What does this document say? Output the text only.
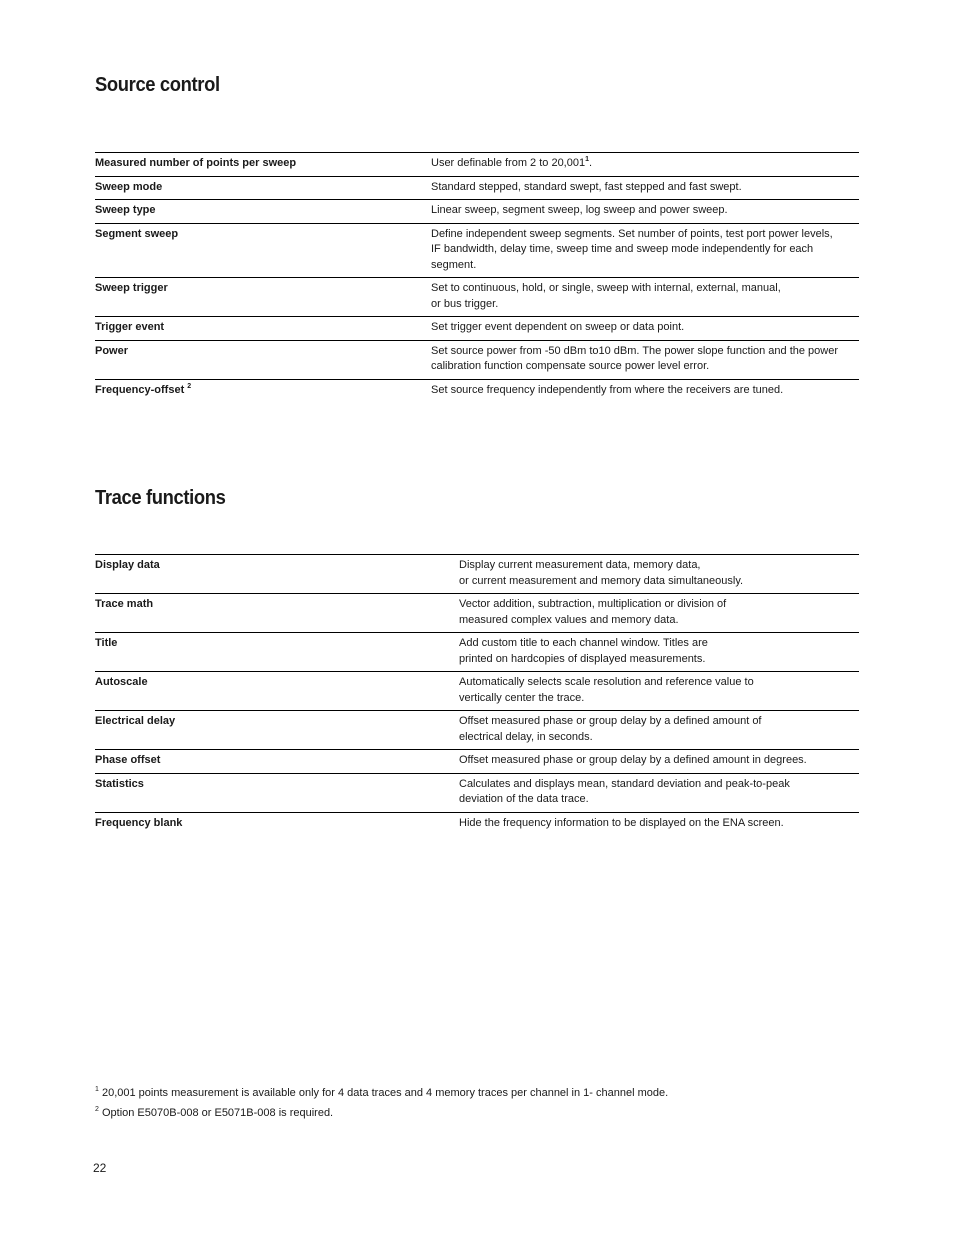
Source control
Measured number of points per sweep	User definable from 2 to 20,001$^1$.
Sweep mode	Standard stepped, standard swept, fast stepped and fast swept.
Sweep type	Linear sweep, segment sweep, log sweep and power sweep.
Segment sweep	Define independent sweep segments. Set number of points, test port power levels,
IF bandwidth, delay time, sweep time and sweep mode independently for each segment.
Sweep trigger	Set to continuous, hold, or single, sweep with internal, external, manual,
or bus trigger.
Trigger event	Set trigger event dependent on sweep or data point.
Power	Set source power from -50 dBm to10 dBm. The power slope function and the power
calibration function compensate source power level error.
Frequency-offset $^2$	Set source frequency independently from where the receivers are tuned.
Trace functions
Display data	Display current measurement data, memory data,
or current measurement and memory data simultaneously.
Trace math	Vector addition, subtraction, multiplication or division of
measured complex values and memory data.
Title	Add custom title to each channel window. Titles are
printed on hardcopies of displayed measurements.
Autoscale	Automatically selects scale resolution and reference value to
vertically center the trace.
Electrical delay	Offset measured phase or group delay by a defined amount of
electrical delay, in seconds.
Phase offset	Offset measured phase or group delay by a defined amount in degrees.
Statistics	Calculates and displays mean, standard deviation and peak-to-peak
deviation of the data trace.
Frequency blank	Hide the frequency information to be displayed on the ENA screen.
$^1$ 20,001 points measurement is available only for 4 data traces and 4 memory traces per channel in 1- channel mode.
$^2$ Option E5070B-008 or E5071B-008 is required.
22
